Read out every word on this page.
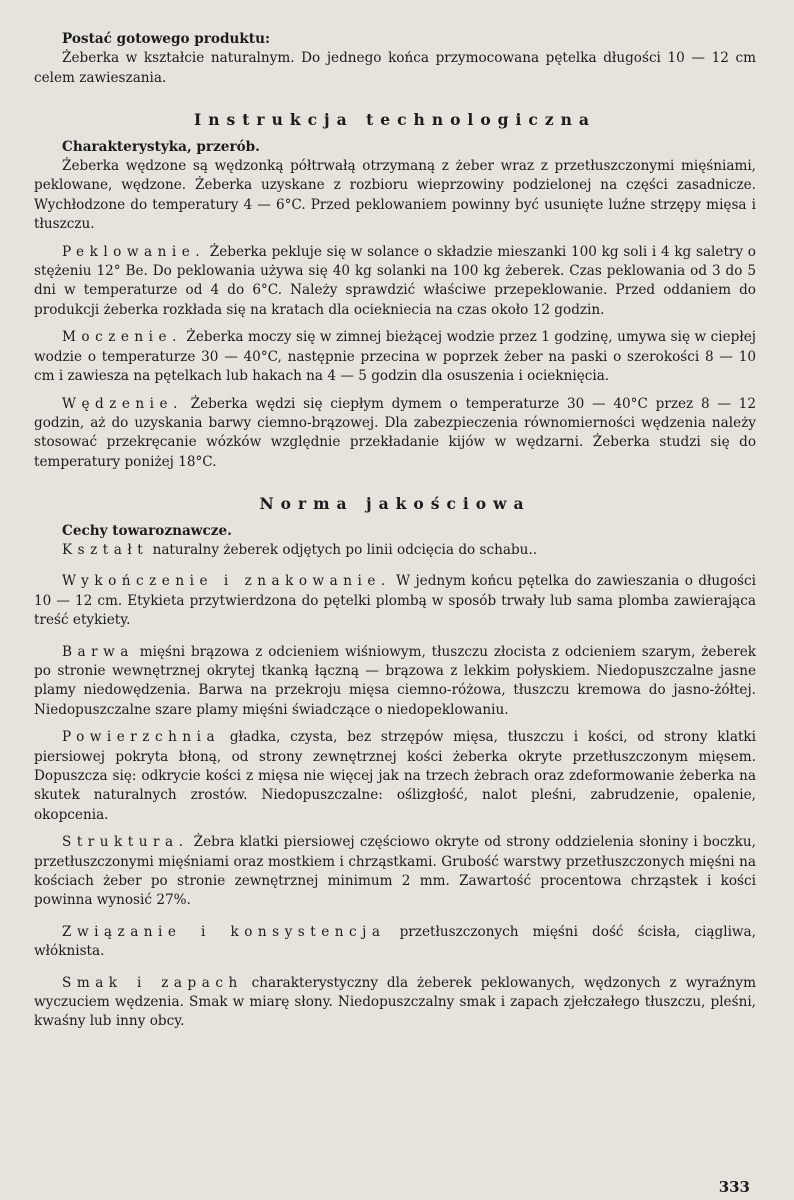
Postać gotowego produktu:

Żeberka w kształcie naturalnym. Do jednego końca przymocowana pętelka długości 10 — 12 cm celem zawieszania.

Instrukcja technologiczna
Charakterystyka, przerób.

Żeberka wędzone są wędzonką półtrwałą otrzymaną z żeber wraz z przetłuszczonymi mięśniami, peklowane, wędzone. Żeberka uzyskane z rozbioru wieprzowiny podzielonej na części zasadnicze. Wychłodzone do temperatury 4 — 6°C. Przed peklowaniem powinny być usunięte luźne strzępy mięsa i tłuszczu.

Peklowanie. Żeberka pekluje się w solance o składzie mieszanki 100 kg soli i 4 kg saletry o stężeniu 12° Be. Do peklowania używa się 40 kg solanki na 100 kg żeberek. Czas peklowania od 3 do 5 dni w temperaturze od 4 do 6°C. Należy sprawdzić właściwe przepeklowanie. Przed oddaniem do produkcji żeberka rozkłada się na kratach dla ociekniecia na czas około 12 godzin.

Moczenie. Żeberka moczy się w zimnej bieżącej wodzie przez 1 godzinę, umywa się w ciepłej wodzie o temperaturze 30 — 40°C, następnie przecina w poprzek żeber na paski o szerokości 8 — 10 cm i zawiesza na pętelkach lub hakach na 4 — 5 godzin dla osuszenia i ocieknięcia.

Wędzenie. Żeberka wędzi się ciepłym dymem o temperaturze 30 — 40°C przez 8 — 12 godzin, aż do uzyskania barwy ciemno-brązowej. Dla zabezpieczenia równomierności wędzenia należy stosować przekręcanie wózków względnie przekładanie kijów w wędzarni. Żeberka studzi się do temperatury poniżej 18°C.

Norma jakościowa
Cechy towaroznawcze.

Kształt naturalny żeberek odjętych po linii odcięcia do schabu..

Wykończenie i znakowanie. W jednym końcu pętelka do zawieszania o długości 10 — 12 cm. Etykieta przytwierdzona do pętelki plombą w sposób trwały lub sama plomba zawierająca treść etykiety.

Barwa mięśni brązowa z odcieniem wiśniowym, tłuszczu złocista z odcieniem szarym, żeberek po stronie wewnętrznej okrytej tkanką łączną — brązowa z lekkim połyskiem. Niedopuszczalne jasne plamy niedowędzenia. Barwa na przekroju mięsa ciemno-różowa, tłuszczu kremowa do jasno-żółtej. Niedopuszczalne szare plamy mięśni świadczące o niedopeklowaniu.

Powierzchnia gładka, czysta, bez strzępów mięsa, tłuszczu i kości, od strony klatki piersiowej pokryta błoną, od strony zewnętrznej kości żeberka okryte przetłuszczonym mięsem. Dopuszcza się: odkrycie kości z mięsa nie więcej jak na trzech żebrach oraz zdeformowanie żeberka na skutek naturalnych zrostów. Niedopuszczalne: oślizgłość, nalot pleśni, zabrudzenie, opalenie, okopcenia.

Struktura. Żebra klatki piersiowej częściowo okryte od strony oddzielenia słoniny i boczku, przetłuszczonymi mięśniami oraz mostkiem i chrząstkami. Grubość warstwy przetłuszczonych mięśni na kościach żeber po stronie zewnętrznej minimum 2 mm. Zawartość procentowa chrząstek i kości powinna wynosić 27%.

Związanie i konsystencja przetłuszczonych mięśni dość ścisła, ciągliwa, włóknista.

Smak i zapach charakterystyczny dla żeberek peklowanych, wędzonych z wyraźnym wyczuciem wędzenia. Smak w miarę słony. Niedopuszczalny smak i zapach zjełczałego tłuszczu, pleśni, kwaśny lub inny obcy.

333
